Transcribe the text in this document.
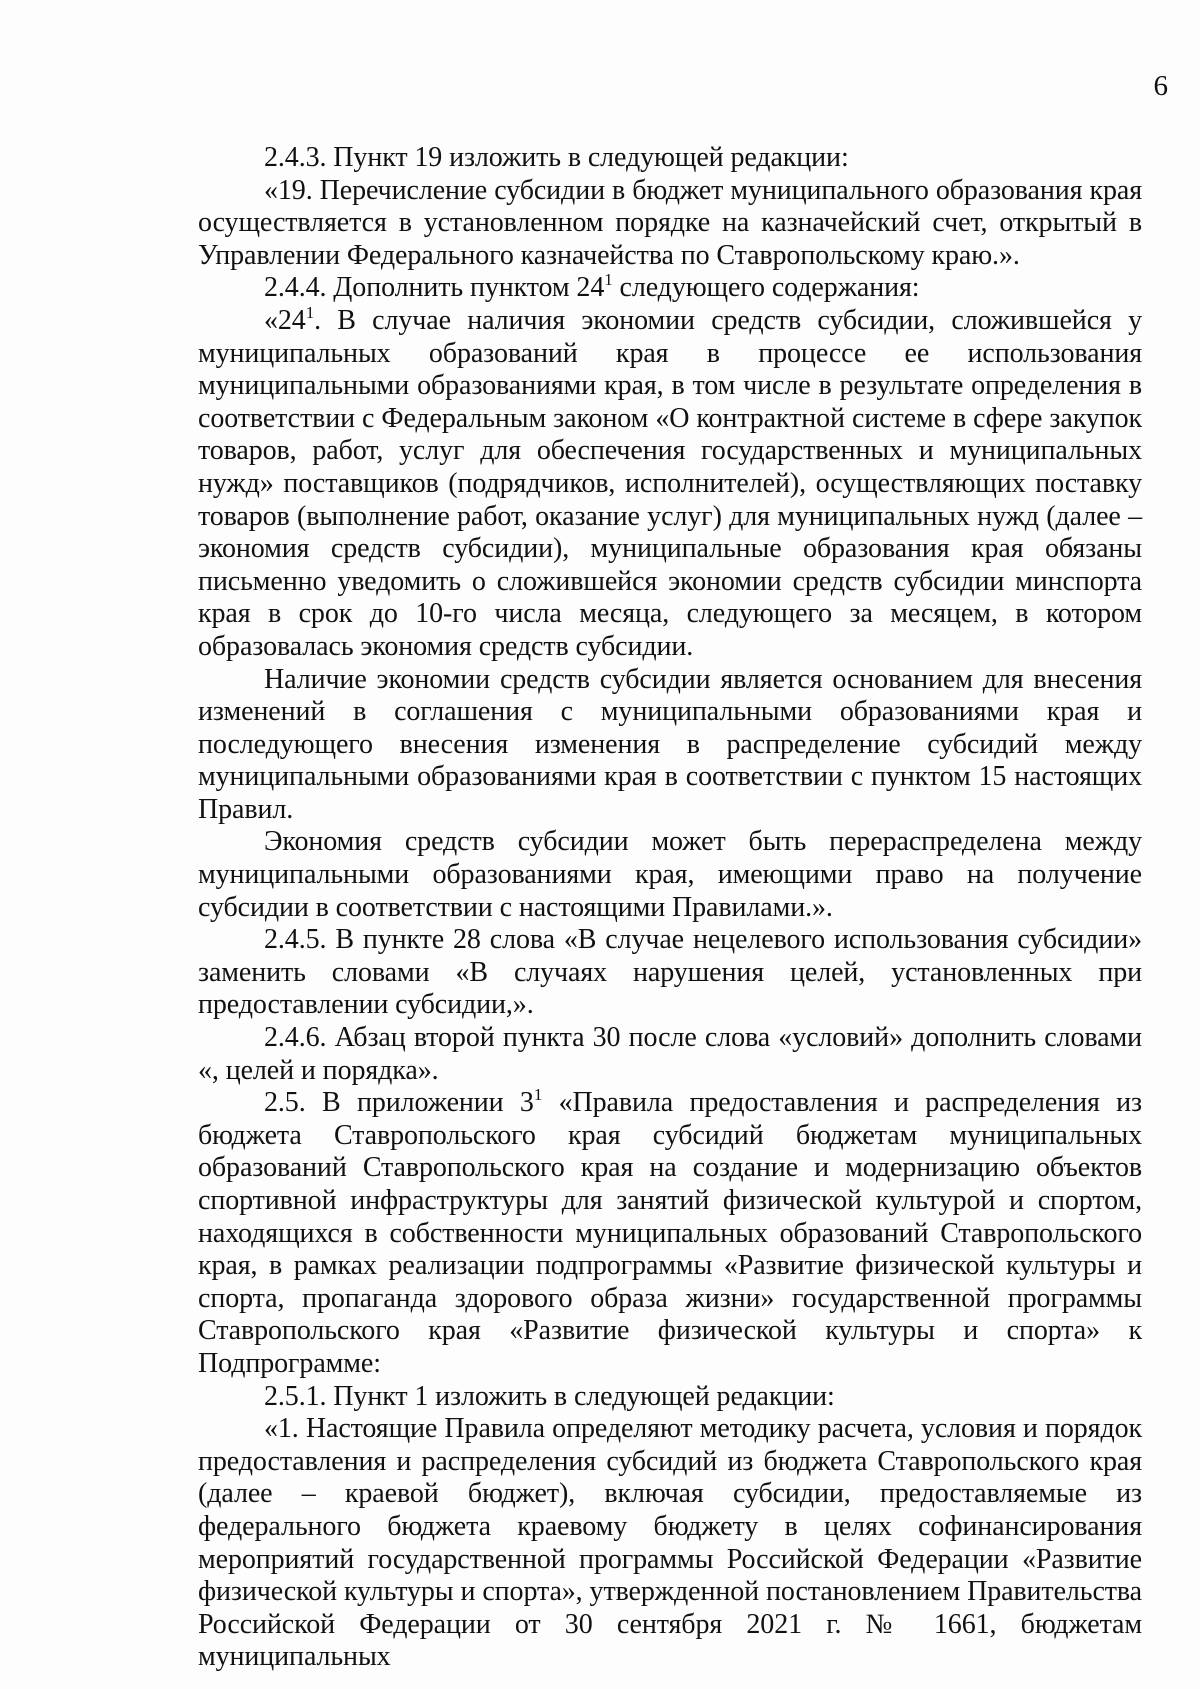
6

2.4.3. Пункт 19 изложить в следующей редакции:

«19. Перечисление субсидии в бюджет муниципального образования края осуществляется в установленном порядке на казначейский счет, открытый в Управлении Федерального казначейства по Ставропольскому краю.».

2.4.4. Дополнить пунктом $24^1$ следующего содержания:

«$24^1$. В случае наличия экономии средств субсидии, сложившейся у муниципальных образований края в процессе ее использования муниципальными образованиями края, в том числе в результате определения в соответствии с Федеральным законом «О контрактной системе в сфере закупок товаров, работ, услуг для обеспечения государственных и муниципальных нужд» поставщиков (подрядчиков, исполнителей), осуществляющих поставку товаров (выполнение работ, оказание услуг) для муниципальных нужд (далее – экономия средств субсидии), муниципальные образования края обязаны письменно уведомить о сложившейся экономии средств субсидии минспорта края в срок до 10-го числа месяца, следующего за месяцем, в котором образовалась экономия средств субсидии.

Наличие экономии средств субсидии является основанием для внесения изменений в соглашения с муниципальными образованиями края и последующего внесения изменения в распределение субсидий между муниципальными образованиями края в соответствии с пунктом 15 настоящих Правил.

Экономия средств субсидии может быть перераспределена между муниципальными образованиями края, имеющими право на получение субсидии в соответствии с настоящими Правилами.».

2.4.5. В пункте 28 слова «В случае нецелевого использования субсидии» заменить словами «В случаях нарушения целей, установленных при предоставлении субсидии,».

2.4.6. Абзац второй пункта 30 после слова «условий» дополнить словами «, целей и порядка».

2.5. В приложении $3^1$ «Правила предоставления и распределения из бюджета Ставропольского края субсидий бюджетам муниципальных образований Ставропольского края на создание и модернизацию объектов спортивной инфраструктуры для занятий физической культурой и спортом, находящихся в собственности муниципальных образований Ставропольского края, в рамках реализации подпрограммы «Развитие физической культуры и спорта, пропаганда здорового образа жизни» государственной программы Ставропольского края «Развитие физической культуры и спорта» к Подпрограмме:

2.5.1. Пункт 1 изложить в следующей редакции:

«1. Настоящие Правила определяют методику расчета, условия и порядок предоставления и распределения субсидий из бюджета Ставропольского края (далее – краевой бюджет), включая субсидии, предоставляемые из федерального бюджета краевому бюджету в целях софинансирования мероприятий государственной программы Российской Федерации «Развитие физической культуры и спорта», утвержденной постановлением Правительства Российской Федерации от 30 сентября 2021 г. № 1661, бюджетам муниципальных
